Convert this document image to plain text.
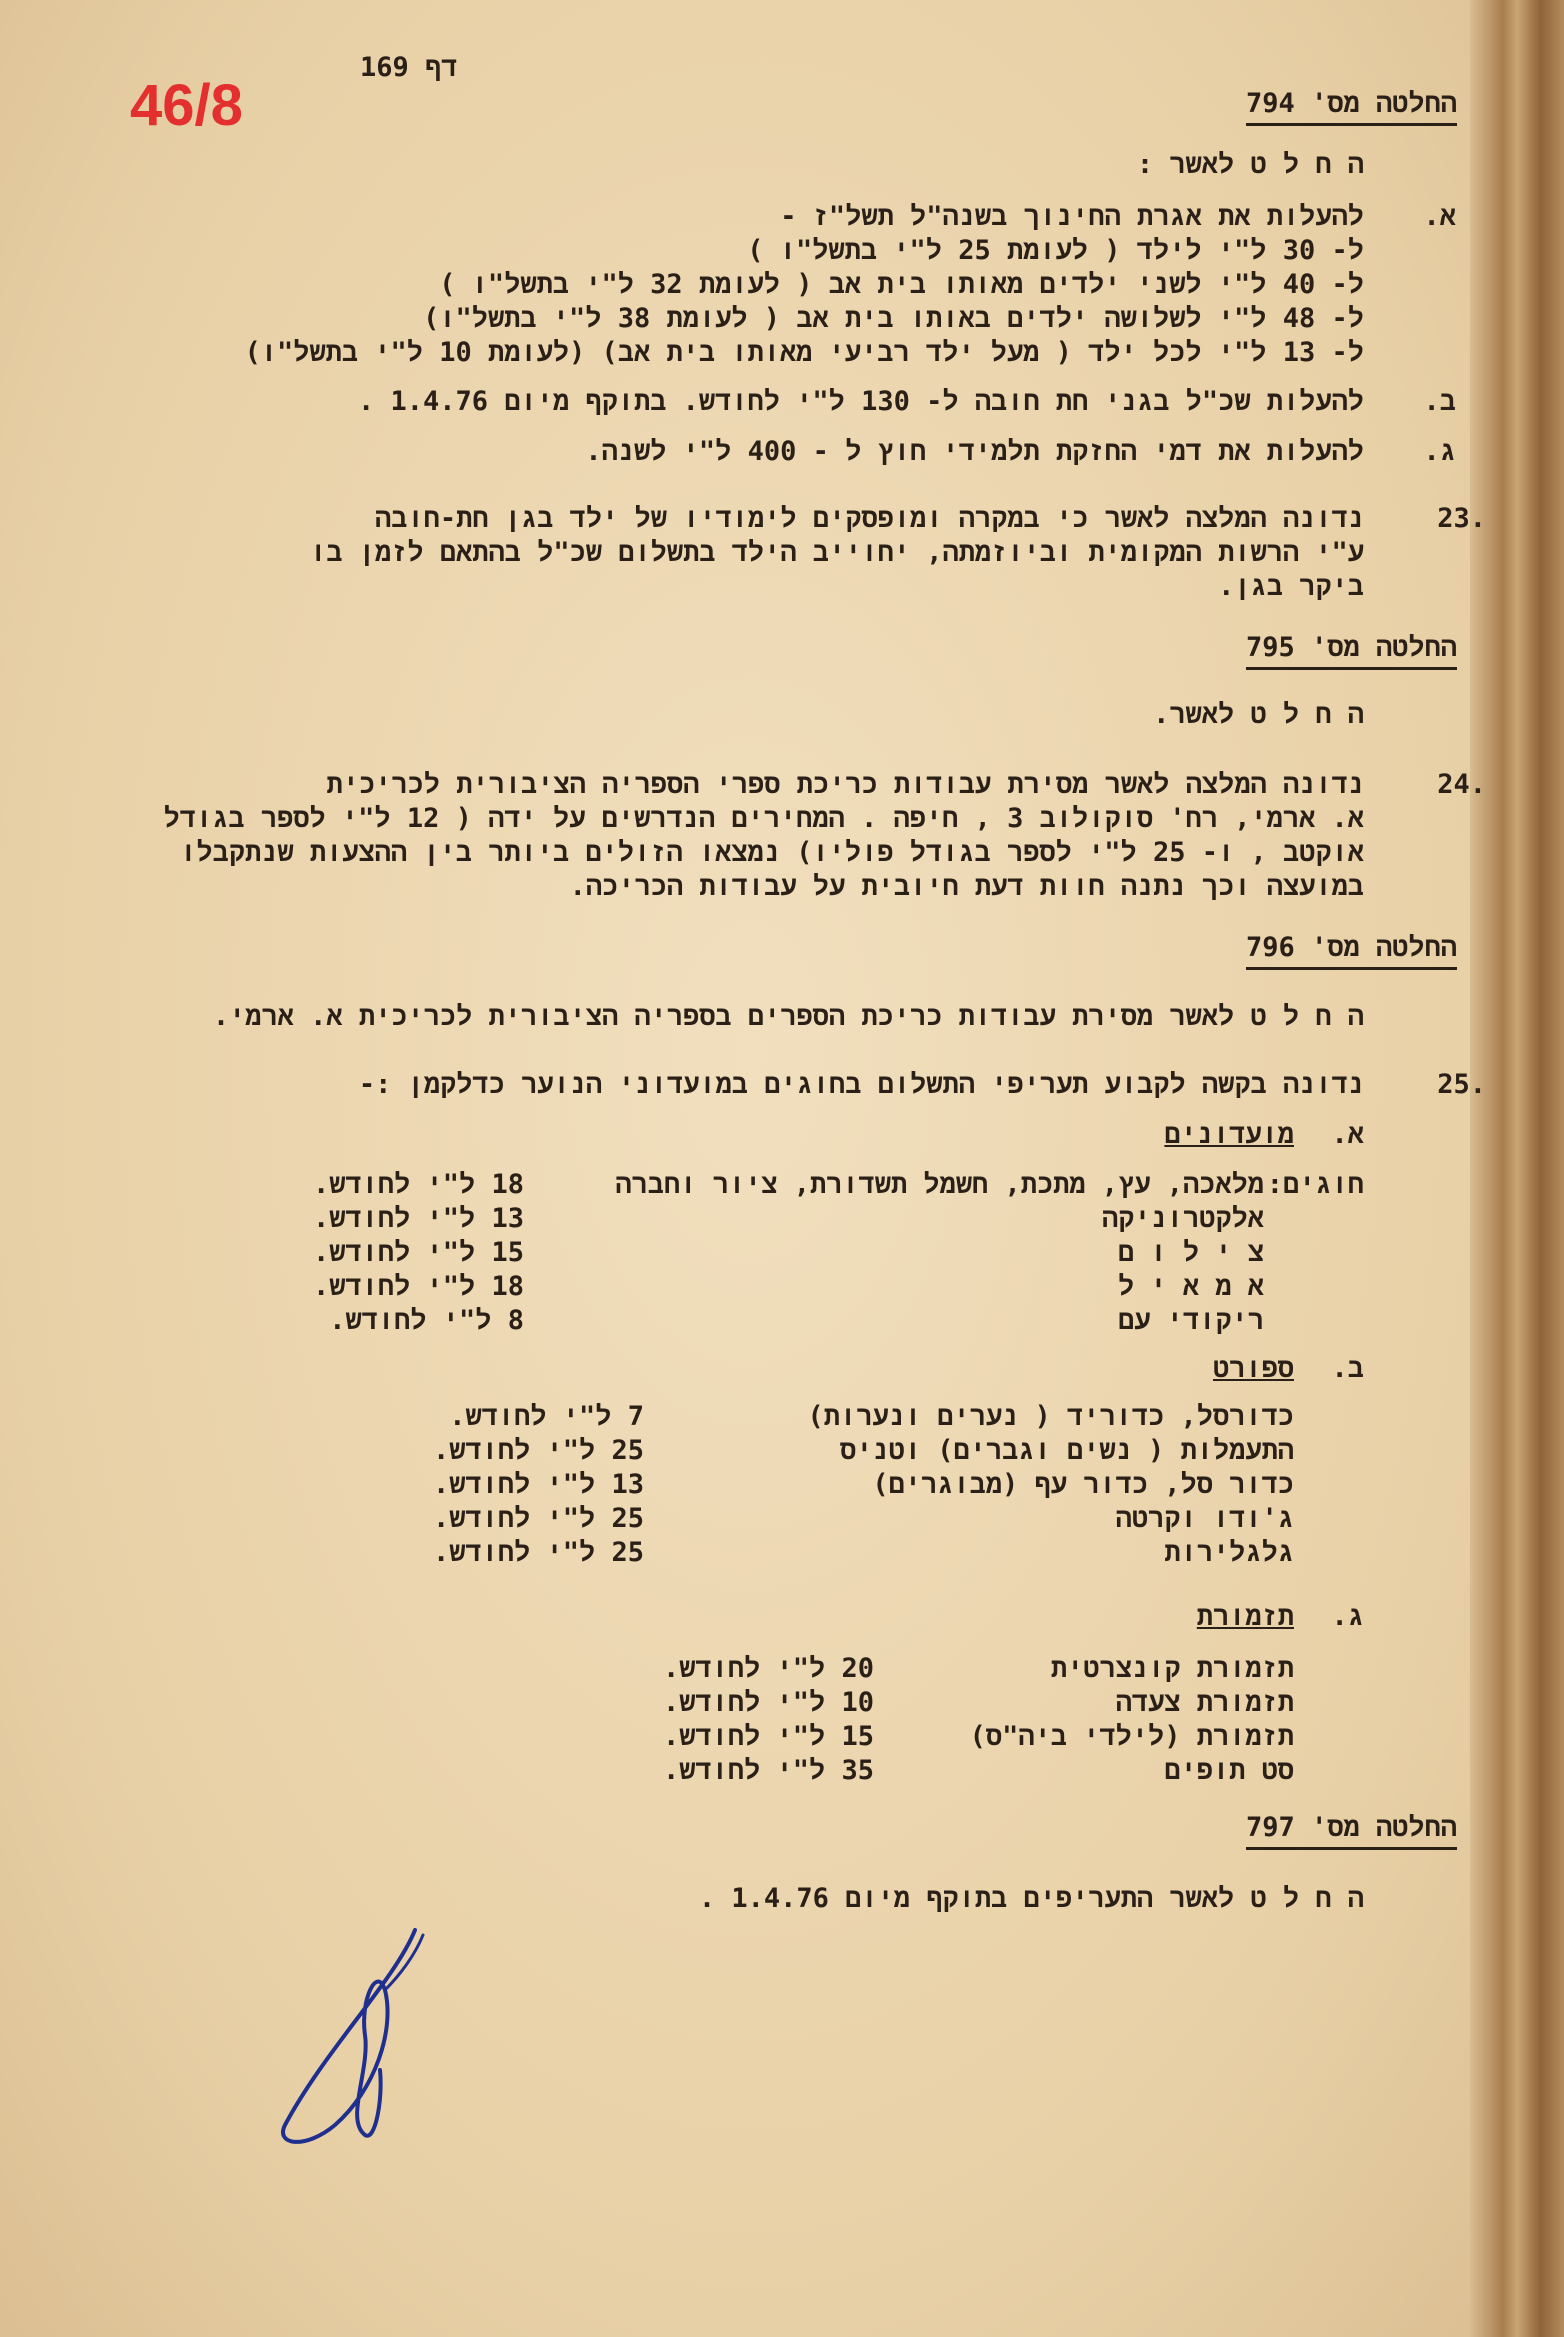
46/8
דף 169
החלטה מס' 794
ה ח ל ט לאשר :
א.
להעלות את אגרת החינוך בשנה"ל תשל"ז -
ל- 30 ל"י לילד ( לעומת 25 ל"י בתשל"ו )
ל- 40 ל"י לשני ילדים מאותו בית אב ( לעומת 32 ל"י בתשל"ו )
ל- 48 ל"י לשלושה ילדים באותו בית אב ( לעומת 38 ל"י בתשל"ו)
ל- 13 ל"י לכל ילד ( מעל ילד רביעי מאותו בית אב) (לעומת 10 ל"י בתשל"ו)
ב.
להעלות שכ"ל בגני חת חובה ל- 130 ל"י לחודש. בתוקף מיום 1.4.76 .
ג.
להעלות את דמי החזקת תלמידי חוץ ל - 400 ל"י לשנה.
.23
נדונה המלצה לאשר כי במקרה ומופסקים לימודיו של ילד בגן חת-חובה
ע"י הרשות המקומית וביוזמתה, יחוייב הילד בתשלום שכ"ל בהתאם לזמן בו
ביקר בגן.
החלטה מס' 795
ה ח ל ט לאשר.
.24
נדונה המלצה לאשר מסירת עבודות כריכת ספרי הספריה הציבורית לכריכית
א. ארמי, רח' סוקולוב 3 , חיפה . המחירים הנדרשים על ידה ( 12 ל"י לספר בגודל
אוקטב , ו- 25 ל"י לספר בגודל פוליו) נמצאו הזולים ביותר בין ההצעות שנתקבלו
במועצה וכך נתנה חוות דעת חיובית על עבודות הכריכה.
החלטה מס' 796
ה ח ל ט לאשר מסירת עבודות כריכת הספרים בספריה הציבורית לכריכית א. ארמי.
.25
נדונה בקשה לקבוע תעריפי התשלום בחוגים במועדוני הנוער כדלקמן :-
א.
מועדונים
חוגים:
מלאכה, עץ, מתכת, חשמל תשדורת, ציור וחברה
18 ל"י לחודש.
אלקטרוניקה
13 ל"י לחודש.
צ י ל ו ם
15 ל"י לחודש.
א מ א י ל
18 ל"י לחודש.
ריקודי עם
8 ל"י לחודש.
ב.
ספורט
כדורסל, כדוריד ( נערים ונערות)
7 ל"י לחודש.
התעמלות ( נשים וגברים) וטניס
25 ל"י לחודש.
כדור סל, כדור עף (מבוגרים)
13 ל"י לחודש.
ג'ודו וקרטה
25 ל"י לחודש.
גלגלירות
25 ל"י לחודש.
ג.
תזמורת
תזמורת קונצרטית
20 ל"י לחודש.
תזמורת צעדה
10 ל"י לחודש.
תזמורת (לילדי ביה"ס)
15 ל"י לחודש.
סט תופים
35 ל"י לחודש.
החלטה מס' 797
ה ח ל ט לאשר התעריפים בתוקף מיום 1.4.76 .
